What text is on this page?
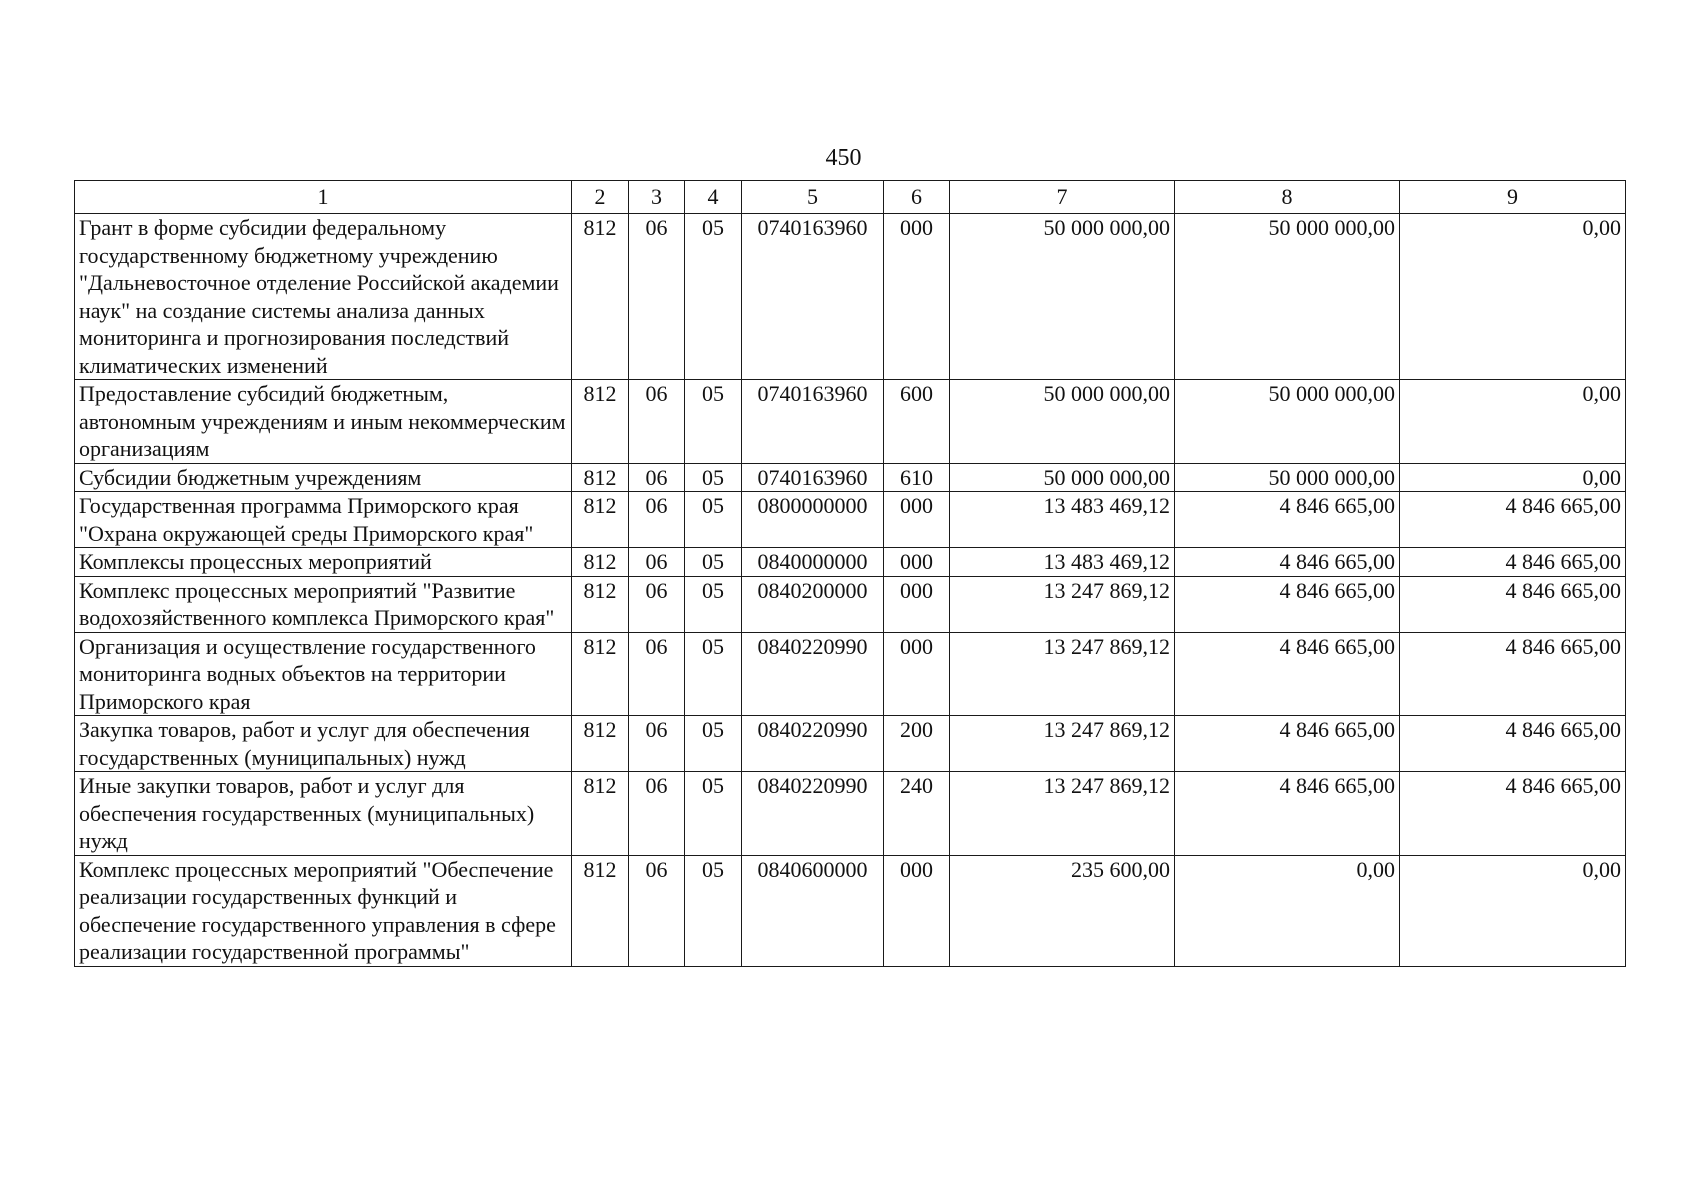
450
1	2	3	4	5	6	7	8	9
Грант в форме субсидии федеральному государственному бюджетному учреждению "Дальневосточное отделение Российской академии наук" на создание системы анализа данных мониторинга и прогнозирования последствий климатических изменений	812	06	05	0740163960	000	50 000 000,00	50 000 000,00	0,00
Предоставление субсидий бюджетным, автономным учреждениям и иным некоммерческим организациям	812	06	05	0740163960	600	50 000 000,00	50 000 000,00	0,00
Субсидии бюджетным учреждениям	812	06	05	0740163960	610	50 000 000,00	50 000 000,00	0,00
Государственная программа Приморского края "Охрана окружающей среды Приморского края"	812	06	05	0800000000	000	13 483 469,12	4 846 665,00	4 846 665,00
Комплексы процессных мероприятий	812	06	05	0840000000	000	13 483 469,12	4 846 665,00	4 846 665,00
Комплекс процессных мероприятий "Развитие водохозяйственного комплекса Приморского края"	812	06	05	0840200000	000	13 247 869,12	4 846 665,00	4 846 665,00
Организация и осуществление государственного мониторинга водных объектов на территории Приморского края	812	06	05	0840220990	000	13 247 869,12	4 846 665,00	4 846 665,00
Закупка товаров, работ и услуг для обеспечения государственных (муниципальных) нужд	812	06	05	0840220990	200	13 247 869,12	4 846 665,00	4 846 665,00
Иные закупки товаров, работ и услуг для обеспечения государственных (муниципальных) нужд	812	06	05	0840220990	240	13 247 869,12	4 846 665,00	4 846 665,00
Комплекс процессных мероприятий "Обеспечение реализации государственных функций и обеспечение государственного управления в сфере реализации государственной программы"	812	06	05	0840600000	000	235 600,00	0,00	0,00
